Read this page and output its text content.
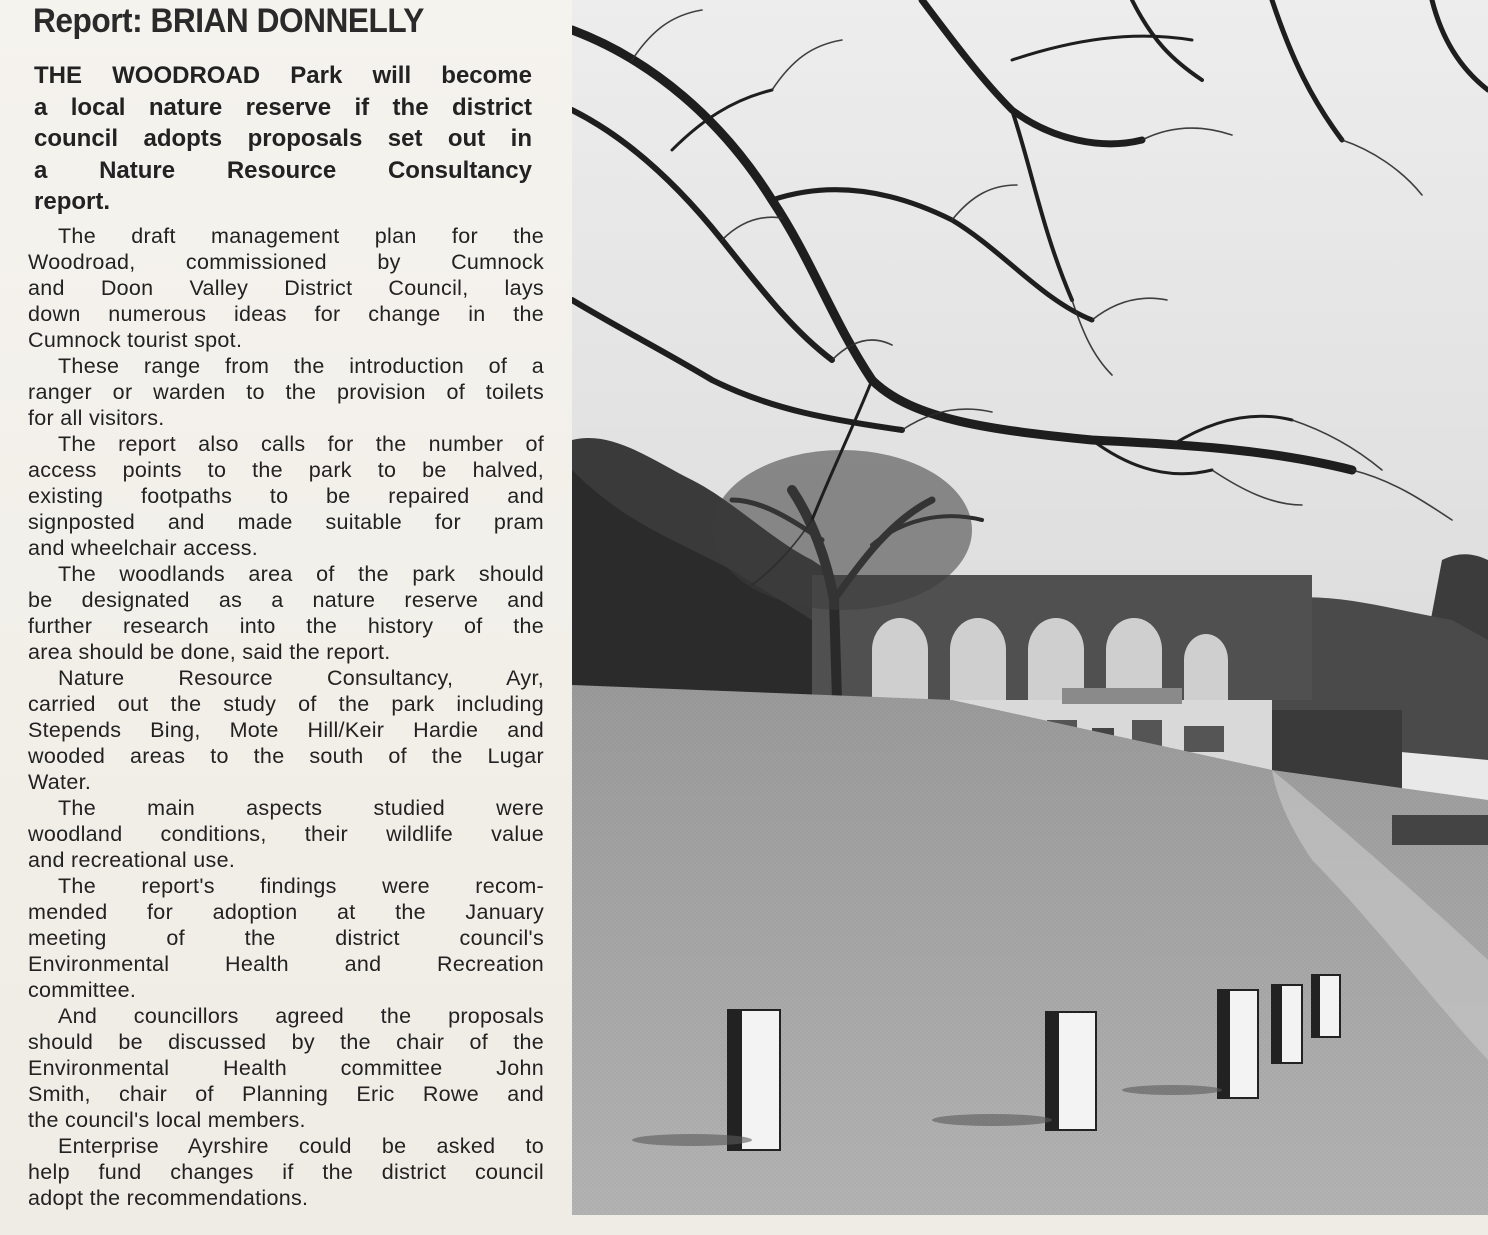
Report: BRIAN DONNELLY
THE WOODROAD Park will become
a local nature reserve if the district
council adopts proposals set out in
a Nature Resource Consultancy
report.
The draft management plan for the
Woodroad, commissioned by Cumnock
and Doon Valley District Council, lays
down numerous ideas for change in the
Cumnock tourist spot.
These range from the introduction of a
ranger or warden to the provision of toilets
for all visitors.
The report also calls for the number of
access points to the park to be halved,
existing footpaths to be repaired and
signposted and made suitable for pram
and wheelchair access.
The woodlands area of the park should
be designated as a nature reserve and
further research into the history of the
area should be done, said the report.
Nature Resource Consultancy, Ayr,
carried out the study of the park including
Stepends Bing, Mote Hill/Keir Hardie and
wooded areas to the south of the Lugar
Water.
The main aspects studied were
woodland conditions, their wildlife value
and recreational use.
The report's findings were recom-
mended for adoption at the January
meeting of the district council's
Environmental Health and Recreation
committee.
And councillors agreed the proposals
should be discussed by the chair of the
Environmental Health committee John
Smith, chair of Planning Eric Rowe and
the council's local members.
Enterprise Ayrshire could be asked to
help fund changes if the district council
adopt the recommendations.
